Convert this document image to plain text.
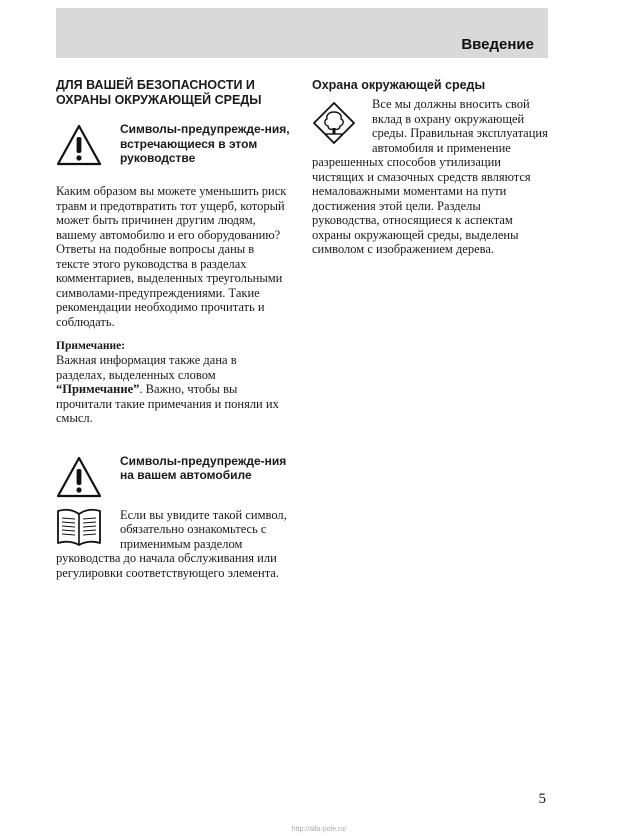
Введение

ДЛЯ ВАШЕЙ БЕЗОПАСНОСТИ И ОХРАНЫ ОКРУЖАЮЩЕЙ СРЕДЫ

Символы-предупрежде-ния, встречающиеся в этом руководстве

Каким образом вы можете уменьшить риск травм и предотвратить тот ущерб, который может быть причинен другим людям, вашему автомобилю и его оборудованию? Ответы на подобные вопросы даны в тексте этого руководства в разделах комментариев, выделенных треугольными символами-предупреждениями. Такие рекомендации необходимо прочитать и соблюдать.

Примечание:

Важная информация также дана в разделах, выделенных словом “Примечание”. Важно, чтобы вы прочитали такие примечания и поняли их смысл.

Символы-предупрежде-ния на вашем автомобиле

Если вы увидите такой символ, обязательно ознакомьтесь с применимым разделом руководства до начала обслуживания или регулировки соответствующего элемента.

Охрана окружающей среды

Все мы должны вносить свой вклад в охрану окружающей среды. Правильная эксплуатация автомобиля и применение разрешенных способов утилизации чистящих и смазочных средств являются немаловажными моментами на пути достижения этой цели. Разделы руководства, относящиеся к аспектам охраны окружающей среды, выделены символом с изображением дерева.

5
http://alfa-pole.ru/
